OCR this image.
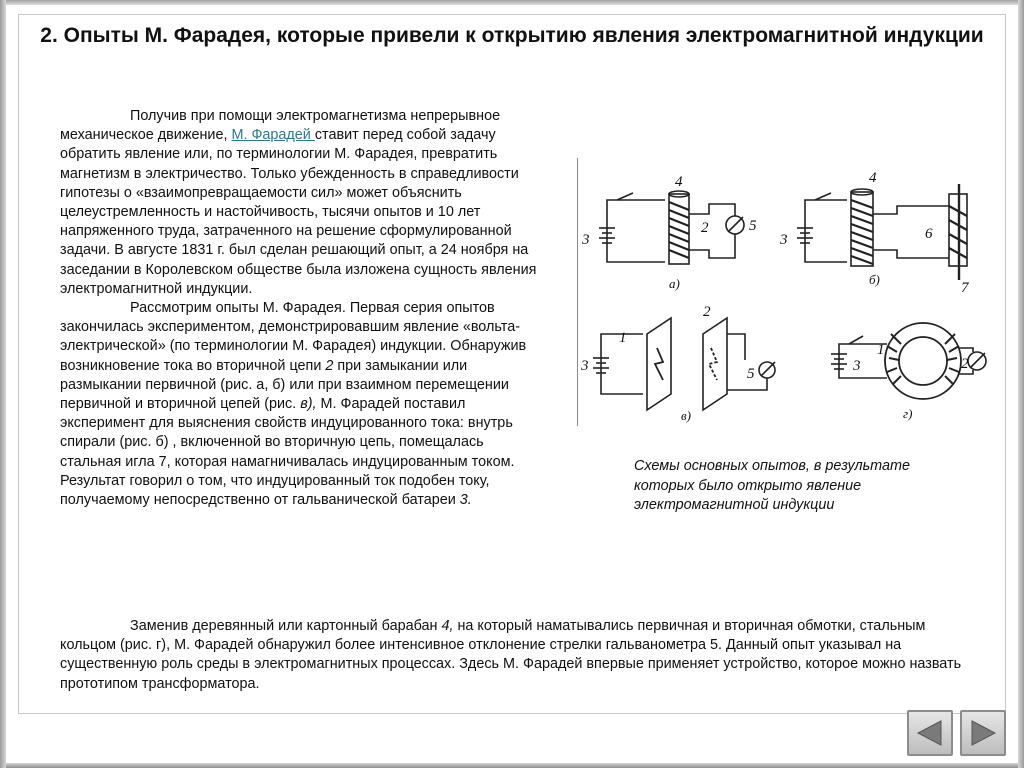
2. Опыты М. Фарадея, которые привели к открытию явления электромагнитной индукции

Получив при помощи электромагнетизма непрерывное механическое движение, М. Фарадей ставит перед собой задачу обратить явление или, по терминологии М. Фарадея, превратить магнетизм в электричество. Только убежденность в справедливости гипотезы о «взаимопревращаемости сил» может объяснить целеустремленность и настойчивость, тысячи опытов и 10 лет напряженного труда, затраченного на решение сформулированной задачи. В августе 1831 г. был сделан решающий опыт, а 24 ноября на заседании в Королевском обществе была изложена сущность явления электромагнитной индукции.

Рассмотрим опыты М. Фарадея. Первая серия опытов закончилась экспериментом, демонстрировавшим явление «вольта-электрической» (по терминологии М. Фарадея) индукции. Обнаружив возникновение тока во вторичной цепи 2 при замыкании или размыкании первичной (рис. а, б) или при взаимном перемещении первичной и вторичной цепей (рис. в), М. Фарадей поставил эксперимент для выяснения свойств индуцированного тока: внутрь спирали (рис. б) , включенной во вторичную цепь, помещалась стальная игла 7, которая намагничивалась индуцированным током. Результат говорил о том, что индуцированный ток подобен току, получаемому непосредственно от гальванической батареи 3.

3
4
2	5
а)
3
4
6
7
б)
1
3
2
5
в)
1
3	2
г)
Схемы основных опытов, в результате которых было открыто явление электромагнитной индукции

Заменив деревянный или картонный барабан 4, на который наматывались первичная и вторичная обмотки, стальным кольцом (рис. г), М. Фарадей обнаружил более интенсивное отклонение стрелки гальванометра 5. Данный опыт указывал на существенную роль среды в электромагнитных процессах. Здесь М. Фарадей впервые применяет устройство, которое можно назвать прототипом трансформатора.
